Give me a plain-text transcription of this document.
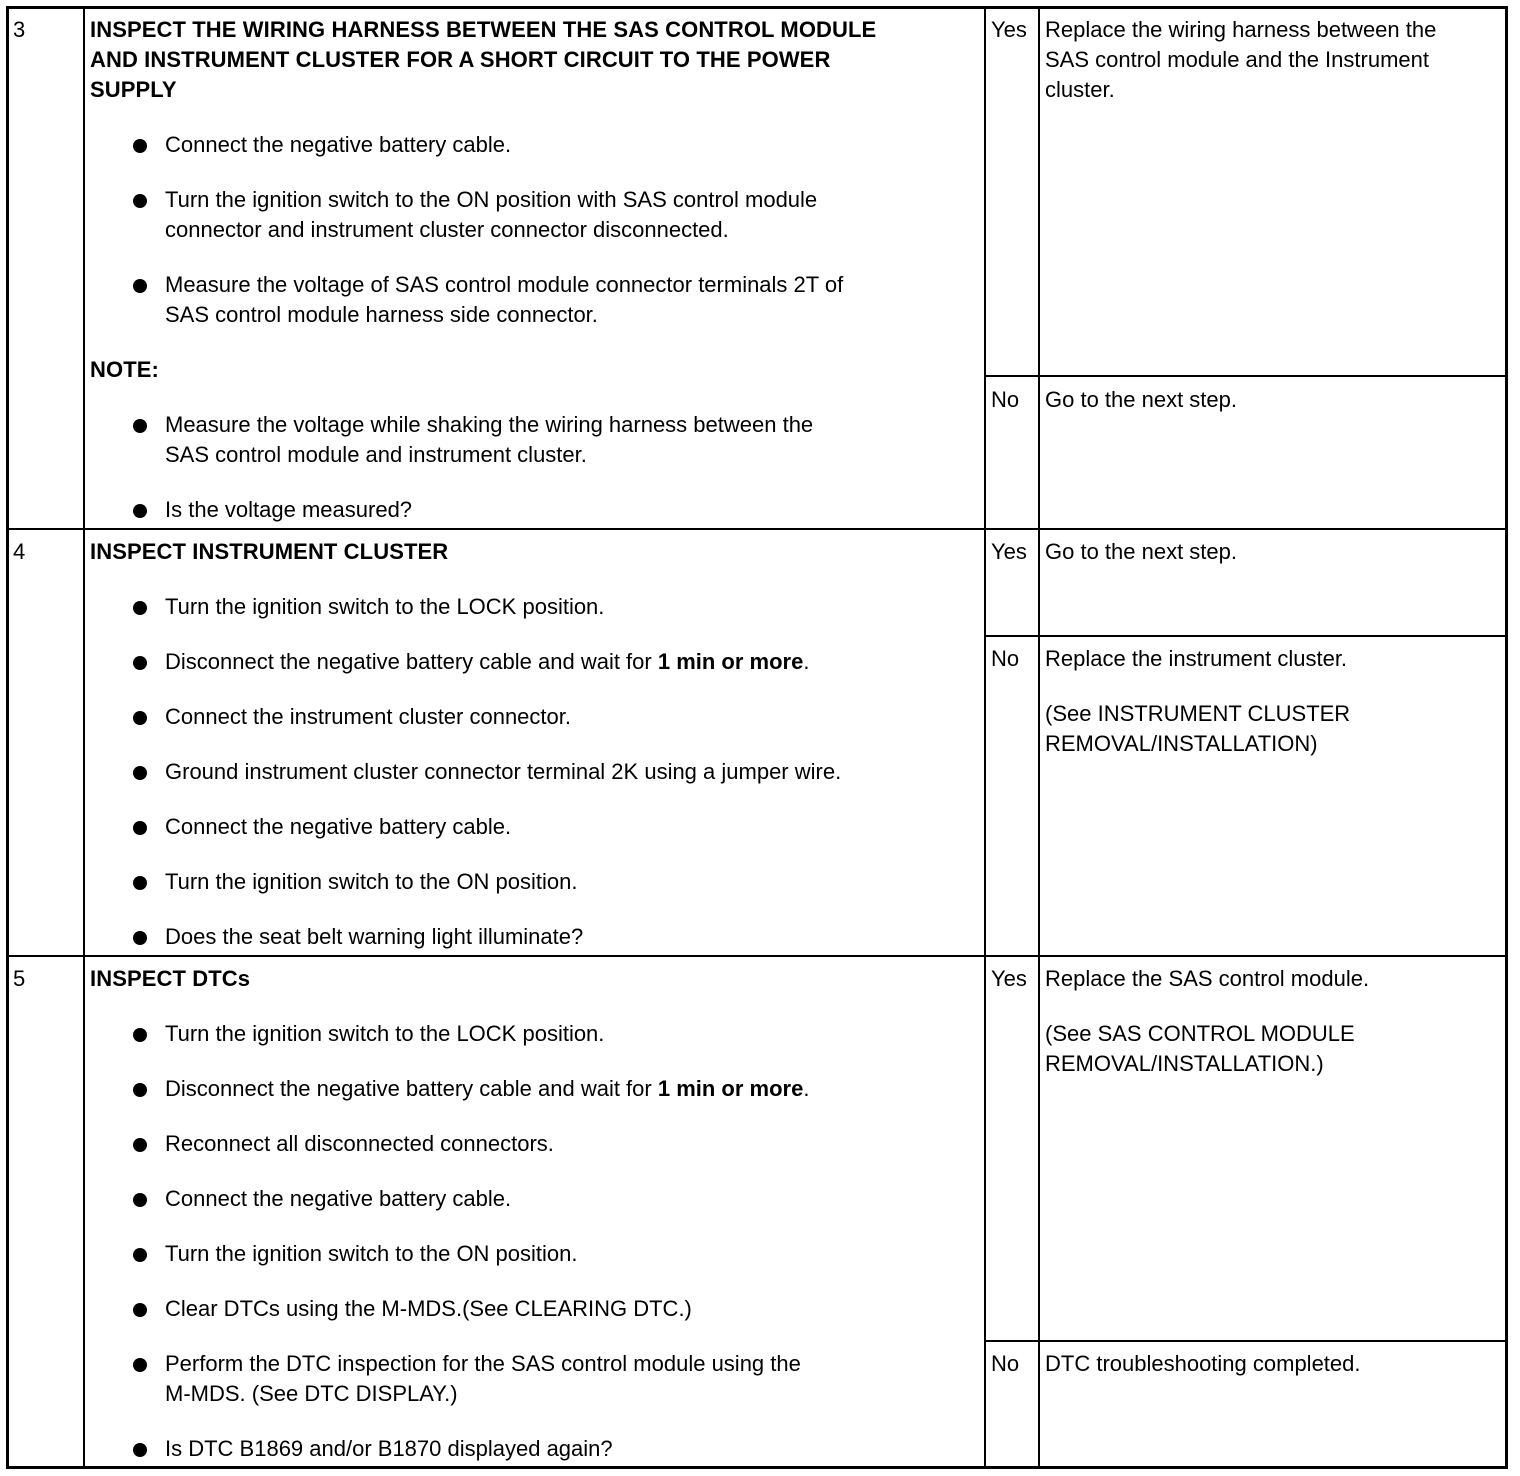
3	INSPECT THE WIRING HARNESS BETWEEN THE SAS CONTROL MODULE
AND INSTRUMENT CLUSTER FOR A SHORT CIRCUIT TO THE POWER
SUPPLY
Connect the negative battery cable.
Turn the ignition switch to the ON position with SAS control module
connector and instrument cluster connector disconnected.
Measure the voltage of SAS control module connector terminals 2T of
SAS control module harness side connector.
NOTE:
Measure the voltage while shaking the wiring harness between the
SAS control module and instrument cluster.
Is the voltage measured?
Yes Replace the wiring harness between the
SAS control module and the Instrument
cluster.
No Go to the next step.
4	INSPECT INSTRUMENT CLUSTER
Turn the ignition switch to the LOCK position.
Disconnect the negative battery cable and wait for 1 min or more.
Connect the instrument cluster connector.
Ground instrument cluster connector terminal 2K using a jumper wire.
Connect the negative battery cable.
Turn the ignition switch to the ON position.
Does the seat belt warning light illuminate?
Yes Go to the next step.
No Replace the instrument cluster.
(See INSTRUMENT CLUSTER
REMOVAL/INSTALLATION)
5	INSPECT DTCs
Turn the ignition switch to the LOCK position.
Disconnect the negative battery cable and wait for 1 min or more.
Reconnect all disconnected connectors.
Connect the negative battery cable.
Turn the ignition switch to the ON position.
Clear DTCs using the M-MDS.(See CLEARING DTC.)
Perform the DTC inspection for the SAS control module using the
M-MDS. (See DTC DISPLAY.)
Is DTC B1869 and/or B1870 displayed again?
Yes Replace the SAS control module.
(See SAS CONTROL MODULE
REMOVAL/INSTALLATION.)
No DTC troubleshooting completed.
